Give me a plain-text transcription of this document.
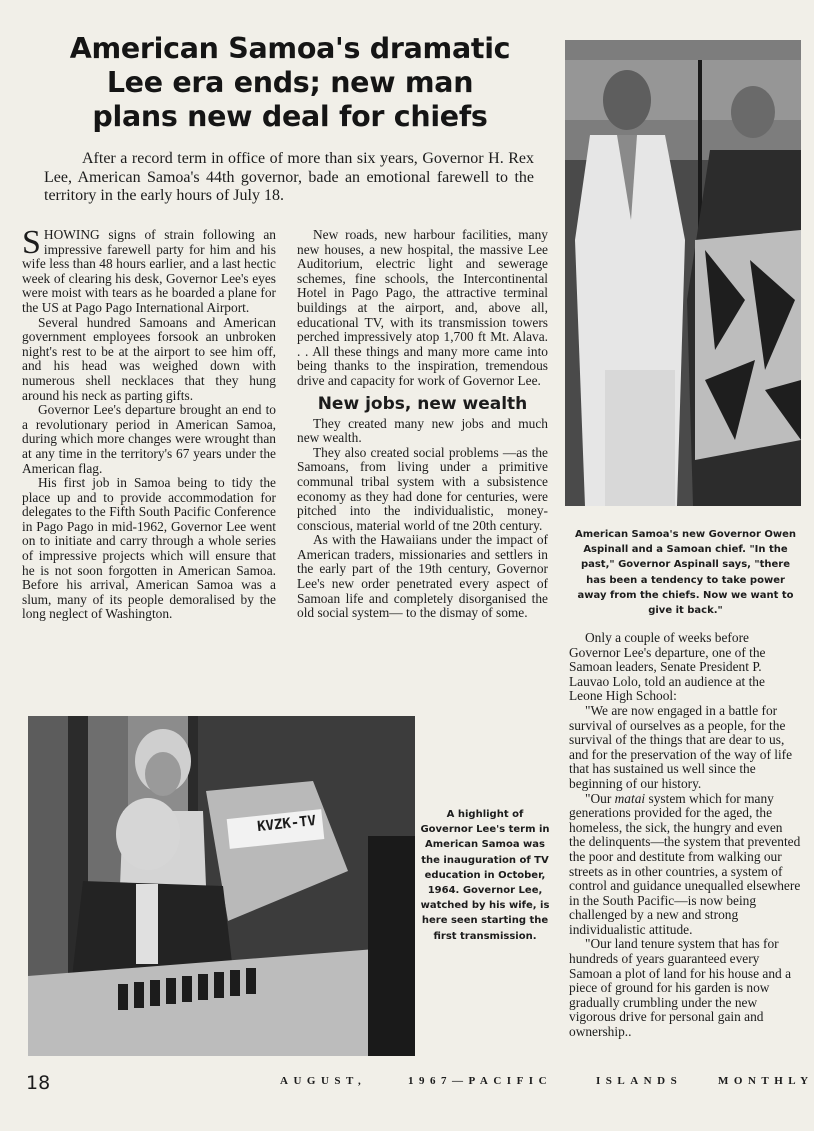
American Samoa's dramatic
Lee era ends; new man
plans new deal for chiefs

After a record term in office of more than six years, Governor H. Rex Lee, American Samoa's 44th governor, bade an emotional farewell to the territory in the early hours of July 18.

SHOWING signs of strain following an impressive farewell party for him and his wife less than 48 hours earlier, and a last hectic week of clearing his desk, Governor Lee's eyes were moist with tears as he boarded a plane for the US at Pago Pago International Airport.

Several hundred Samoans and American government employees forsook an unbroken night's rest to be at the airport to see him off, and his head was weighed down with numerous shell necklaces that they hung around his neck as parting gifts.

Governor Lee's departure brought an end to a revolutionary period in American Samoa, during which more changes were wrought than at any time in the territory's 67 years under the American flag.

His first job in Samoa being to tidy the place up and to provide accommodation for delegates to the Fifth South Pacific Conference in Pago Pago in mid-1962, Governor Lee went on to initiate and carry through a whole series of impressive projects which will ensure that he is not soon forgotten in American Samoa. Before his arrival, American Samoa was a slum, many of its people demoralised by the long neglect of Washington.

New roads, new harbour facilities, many new houses, a new hospital, the massive Lee Auditorium, electric light and sewerage schemes, fine schools, the Intercontinental Hotel in Pago Pago, the attractive terminal buildings at the airport, and, above all, educational TV, with its transmission towers perched impressively atop 1,700 ft Mt. Alava. . . All these things and many more came into being thanks to the inspiration, tremendous drive and capacity for work of Governor Lee.

New jobs, new wealth

They created many new jobs and much new wealth.

They also created social problems —as the Samoans, from living under a primitive communal tribal system with a subsistence economy as they had done for centuries, were pitched into the individualistic, money-conscious, material world of tne 20th century.

As with the Hawaiians under the impact of American traders, missionaries and settlers in the early part of the 19th century, Governor Lee's new order penetrated every aspect of Samoan life and completely disorganised the old social system— to the dismay of some.

American Samoa's new Governor Owen Aspinall and a Samoan chief. "In the past," Governor Aspinall says, "there has been a tendency to take power away from the chiefs. Now we want to give it back."

Only a couple of weeks before Governor Lee's departure, one of the Samoan leaders, Senate President P. Lauvao Lolo, told an audience at the Leone High School:

"We are now engaged in a battle for survival of ourselves as a people, for the survival of the things that are dear to us, and for the preservation of the way of life that has sustained us well since the beginning of our history.

"Our matai system which for many generations provided for the aged, the homeless, the sick, the hungry and even the delinquents—the system that prevented the poor and destitute from walking our streets as in other countries, a system of control and guidance unequalled elsewhere in the South Pacific—is now being challenged by a new and strong individualistic attitude.

"Our land tenure system that has for hundreds of years guaranteed every Samoan a plot of land for his house and a piece of ground for his garden is now gradually crumbling under the new vigorous drive for personal gain and ownership..

KVZK-TV	A highlight of Governor Lee's term in American Samoa was the inauguration of TV education in October, 1964. Governor Lee, watched by his wife, is here seen starting the first transmission.
18	AUGUST,	1967—PACIFIC	ISLANDS	MONTHLY
